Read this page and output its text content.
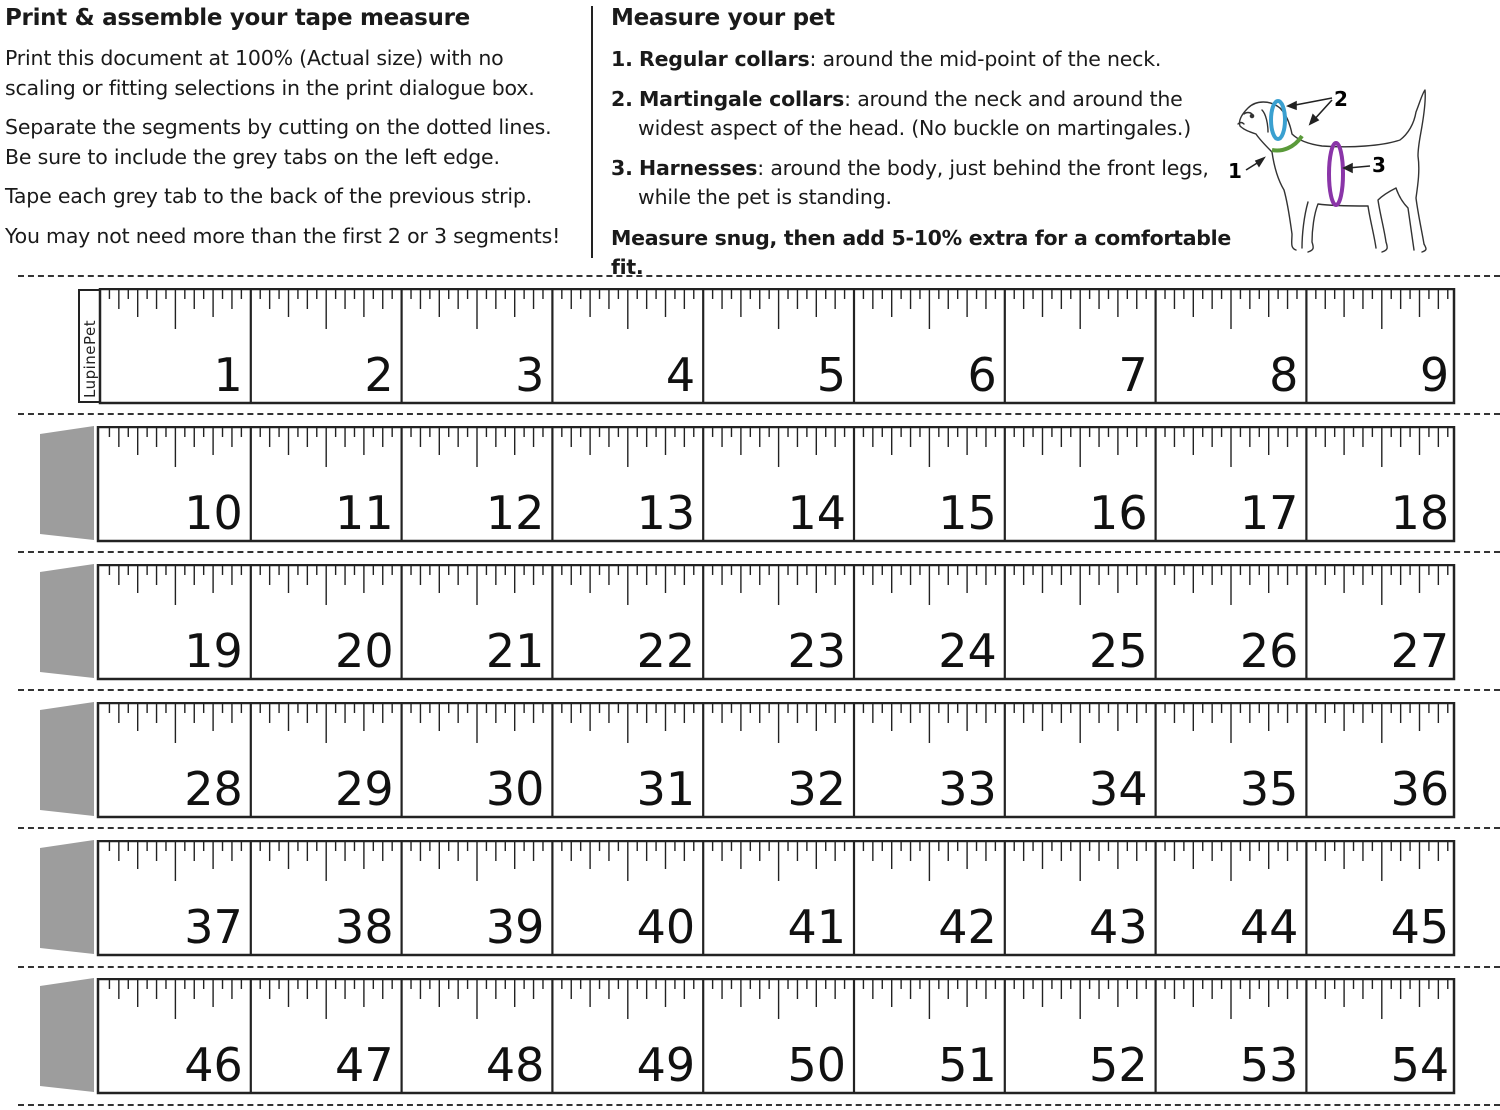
Print & assemble your tape measure

Print this document at 100% (Actual size) with no

scaling or fitting selections in the print dialogue box.

Separate the segments by cutting on the dotted lines.

Be sure to include the grey tabs on the left edge.

Tape each grey tab to the back of the previous strip.

You may not need more than the first 2 or 3 segments!

Measure your pet
1. Regular collars: around the mid-point of the neck.
2. Martingale collars: around the neck and around the
widest aspect of the head. (No buckle on martingales.)
3. Harnesses: around the body, just behind the front legs,
while the pet is standing.
Measure snug, then add 5-10% extra for a comfortable fit.
2
1	3
1	2	3	4	5	6	7	8	9
LupinePet
10 11 12 13 14 15 16 17 18
19 20 21 22 23 24 25 26 27
28 29 30 31 32 33 34 35 36
37 38 39 40 41 42 43 44 45
46 47 48 49 50 51 52 53 54
